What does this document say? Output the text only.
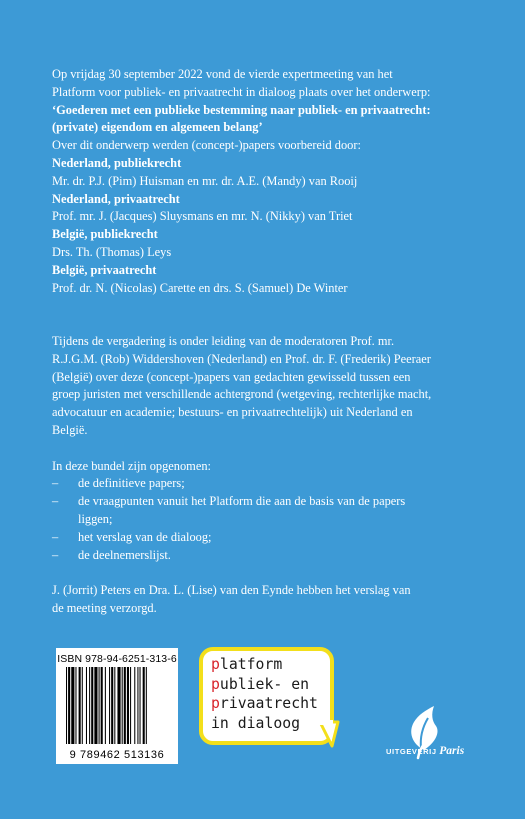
Op vrijdag 30 september 2022 vond de vierde expertmeeting van het

Platform voor publiek- en privaatrecht in dialoog plaats over het onderwerp:

‘Goederen met een publieke bestemming naar publiek- en privaatrecht:

(private) eigendom en algemeen belang’

Over dit onderwerp werden (concept-)papers voorbereid door:

Nederland, publiekrecht

Mr. dr. P.J. (Pim) Huisman en mr. dr. A.E. (Mandy) van Rooij

Nederland, privaatrecht

Prof. mr. J. (Jacques) Sluysmans en mr. N. (Nikky) van Triet

België, publiekrecht

Drs. Th. (Thomas) Leys

België, privaatrecht

Prof. dr. N. (Nicolas) Carette en drs. S. (Samuel) De Winter

Tijdens de vergadering is onder leiding van de moderatoren Prof. mr.

R.J.G.M. (Rob) Widdershoven (Nederland) en Prof. dr. F. (Frederik) Peeraer

(België) over deze (concept-)papers van gedachten gewisseld tussen een

groep juristen met verschillende achtergrond (wetgeving, rechterlijke macht,

advocatuur en academie; bestuurs- en privaatrechtelijk) uit Nederland en

België.

In deze bundel zijn opgenomen:

–	de definitieve papers;
–	de vraagpunten vanuit het Platform die aan de basis van de papers
liggen;
–	het verslag van de dialoog;
–	de deelnemerslijst.

J. (Jorrit) Peters en Dra. L. (Lise) van den Eynde hebben het verslag van

de meeting verzorgd.

ISBN 978-94-6251-313-6
9 789462 513136
platform
publiek- en
privaatrecht
in dialoog
UITGEVERIJ Paris
